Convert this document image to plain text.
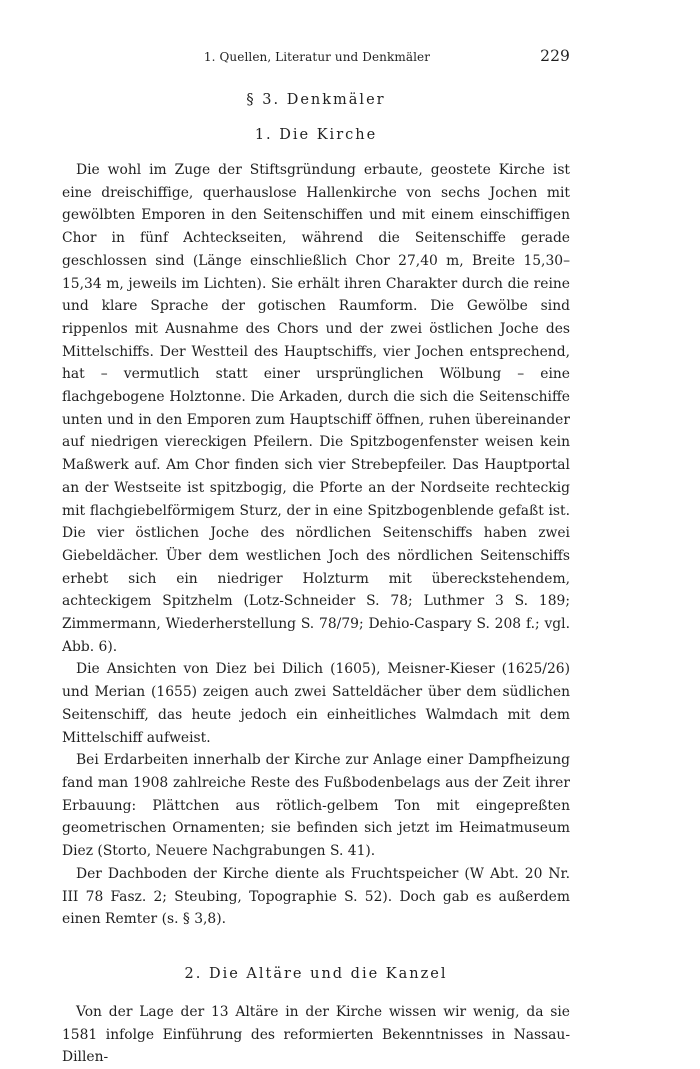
1. Quellen, Literatur und Denkmäler	229
§ 3. Denkmäler
1. Die Kirche

Die wohl im Zuge der Stiftsgründung erbaute, geostete Kirche ist eine dreischiffige, querhauslose Hallenkirche von sechs Jochen mit gewölbten Emporen in den Seitenschiffen und mit einem einschiffigen Chor in fünf Achteckseiten, während die Seitenschiffe gerade geschlossen sind (Länge einschließlich Chor 27,40 m, Breite 15,30–15,34 m, jeweils im Lichten). Sie erhält ihren Charakter durch die reine und klare Sprache der gotischen Raumform. Die Gewölbe sind rippenlos mit Ausnahme des Chors und der zwei östlichen Joche des Mittelschiffs. Der Westteil des Hauptschiffs, vier Jochen entsprechend, hat – vermutlich statt einer ursprünglichen Wölbung – eine flachgebogene Holztonne. Die Arkaden, durch die sich die Seitenschiffe unten und in den Emporen zum Hauptschiff öffnen, ruhen übereinander auf niedrigen viereckigen Pfeilern. Die Spitzbogenfenster weisen kein Maßwerk auf. Am Chor finden sich vier Strebepfeiler. Das Hauptportal an der Westseite ist spitzbogig, die Pforte an der Nordseite rechteckig mit flachgiebelförmigem Sturz, der in eine Spitzbogenblende gefaßt ist. Die vier östlichen Joche des nördlichen Seitenschiffs haben zwei Giebeldächer. Über dem westlichen Joch des nördlichen Seitenschiffs erhebt sich ein niedriger Holzturm mit übereckstehendem, achteckigem Spitzhelm (Lotz-Schneider S. 78; Luthmer 3 S. 189; Zimmermann, Wiederherstellung S. 78/79; Dehio-Caspary S. 208 f.; vgl. Abb. 6).

Die Ansichten von Diez bei Dilich (1605), Meisner-Kieser (1625/26) und Merian (1655) zeigen auch zwei Satteldächer über dem südlichen Seitenschiff, das heute jedoch ein einheitliches Walmdach mit dem Mittelschiff aufweist.

Bei Erdarbeiten innerhalb der Kirche zur Anlage einer Dampfheizung fand man 1908 zahlreiche Reste des Fußbodenbelags aus der Zeit ihrer Erbauung: Plättchen aus rötlich-gelbem Ton mit eingepreßten geometrischen Ornamenten; sie befinden sich jetzt im Heimatmuseum Diez (Storto, Neuere Nachgrabungen S. 41).

Der Dachboden der Kirche diente als Fruchtspeicher (W Abt. 20 Nr. III 78 Fasz. 2; Steubing, Topographie S. 52). Doch gab es außerdem einen Remter (s. § 3,8).

2. Die Altäre und die Kanzel

Von der Lage der 13 Altäre in der Kirche wissen wir wenig, da sie 1581 infolge Einführung des reformierten Bekenntnisses in Nassau-Dillen-
